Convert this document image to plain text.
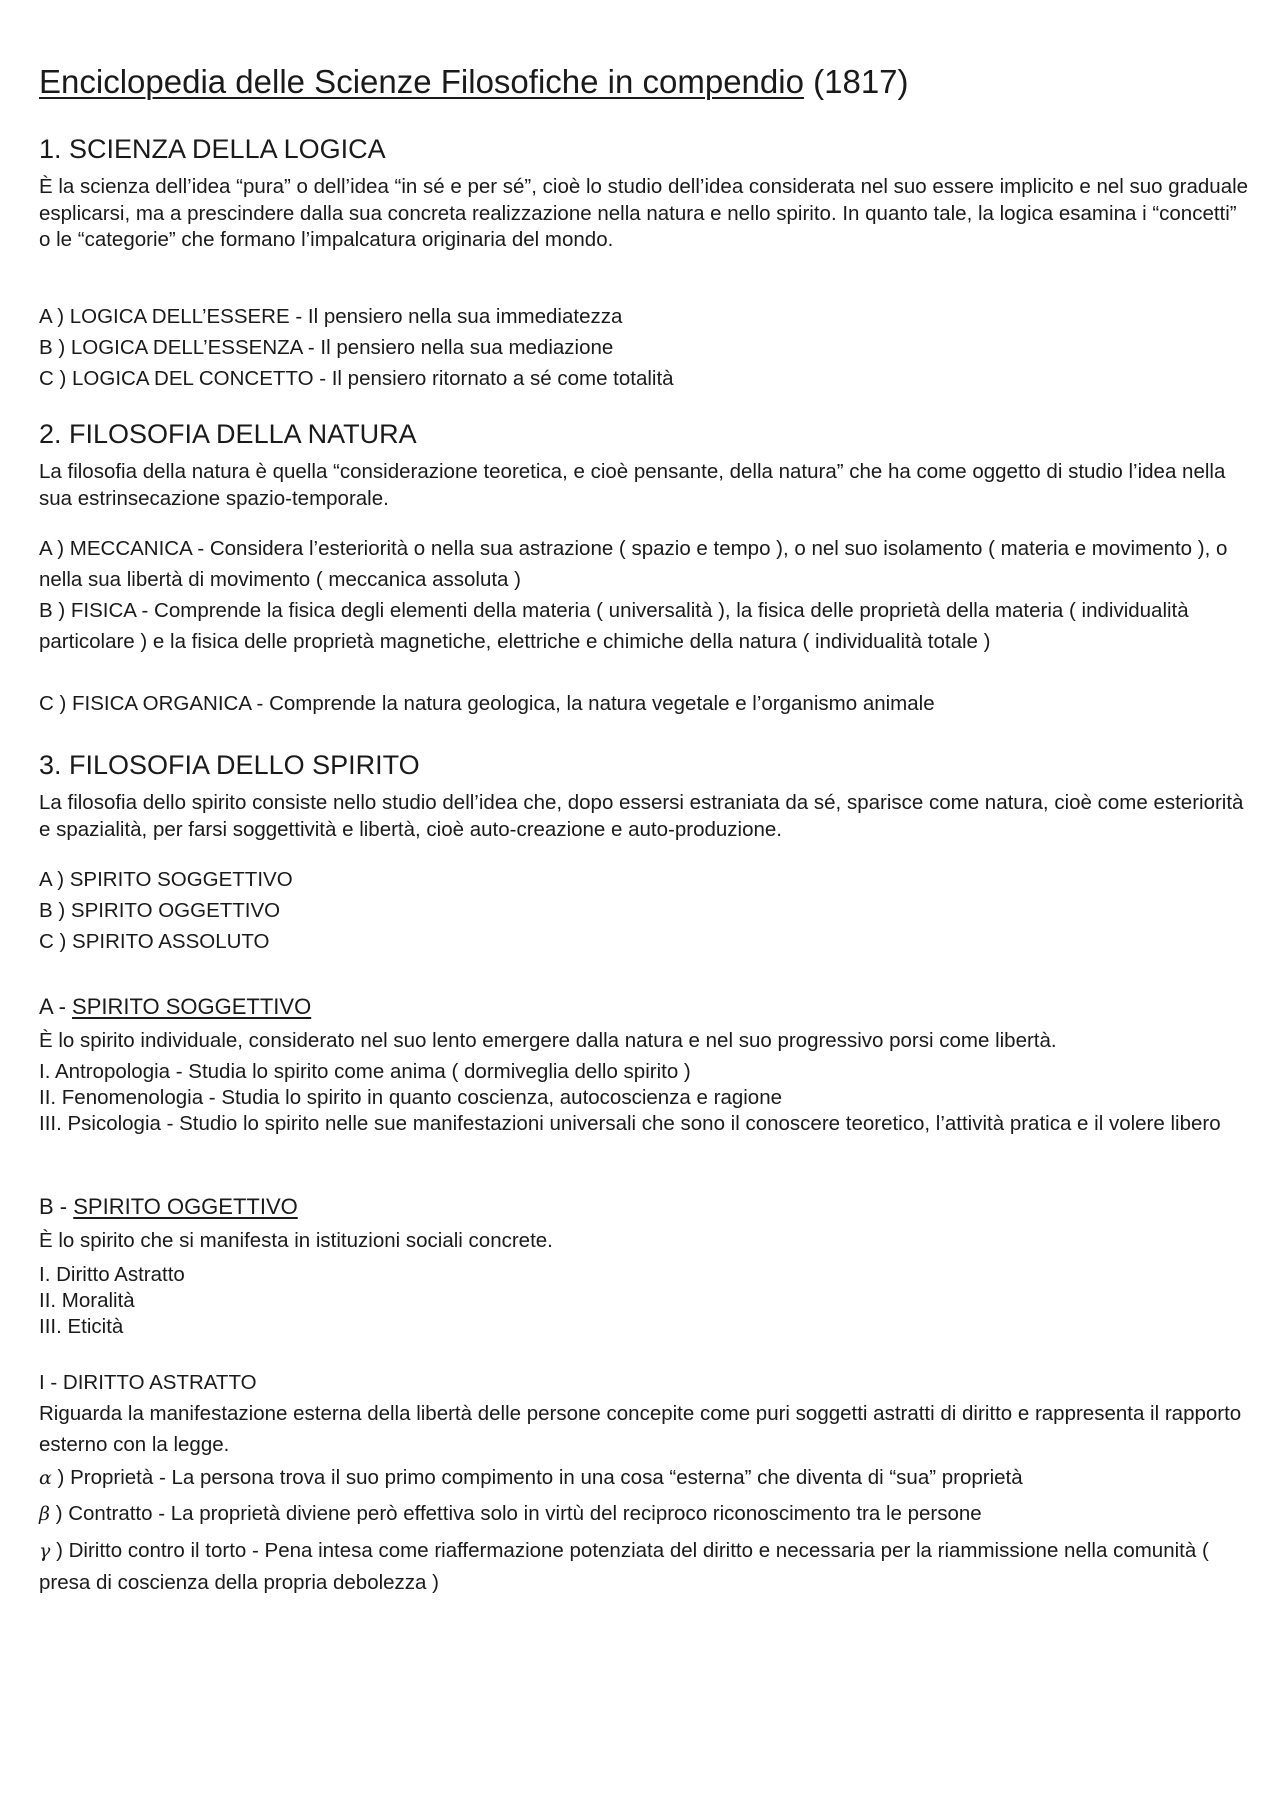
Enciclopedia delle Scienze Filosofiche in compendio (1817)
1. SCIENZA DELLA LOGICA
È la scienza dell’idea “pura” o dell’idea “in sé e per sé”, cioè lo studio dell’idea considerata nel suo essere implicito e nel suo graduale esplicarsi, ma a prescindere dalla sua concreta realizzazione nella natura e nello spirito. In quanto tale, la logica esamina i “concetti” o le “categorie” che formano l’impalcatura originaria del mondo.
A ) LOGICA DELL’ESSERE - Il pensiero nella sua immediatezza
B ) LOGICA DELL’ESSENZA - Il pensiero nella sua mediazione
C ) LOGICA DEL CONCETTO - Il pensiero ritornato a sé come totalità
2. FILOSOFIA DELLA NATURA
La filosofia della natura è quella “considerazione teoretica, e cioè pensante, della natura” che ha come oggetto di studio l’idea nella sua estrinsecazione spazio-temporale.
A ) MECCANICA - Considera l’esteriorità o nella sua astrazione ( spazio e tempo ), o nel suo isolamento ( materia e movimento ), o nella sua libertà di movimento ( meccanica assoluta )
B ) FISICA - Comprende la fisica degli elementi della materia ( universalità ), la fisica delle proprietà della materia ( individualità particolare ) e la fisica delle proprietà magnetiche, elettriche e chimiche della natura ( individualità totale )
C ) FISICA ORGANICA - Comprende la natura geologica, la natura vegetale e l’organismo animale
3. FILOSOFIA DELLO SPIRITO
La filosofia dello spirito consiste nello studio dell’idea che, dopo essersi estraniata da sé, sparisce come natura, cioè come esteriorità e spazialità, per farsi soggettività e libertà, cioè auto-creazione e auto-produzione.
A ) SPIRITO SOGGETTIVO
B ) SPIRITO OGGETTIVO
C ) SPIRITO ASSOLUTO
A - SPIRITO SOGGETTIVO
È lo spirito individuale, considerato nel suo lento emergere dalla natura e nel suo progressivo porsi come libertà.
I. Antropologia - Studia lo spirito come anima ( dormiveglia dello spirito )
II. Fenomenologia - Studia lo spirito in quanto coscienza, autocoscienza e ragione
III. Psicologia - Studio lo spirito nelle sue manifestazioni universali che sono il conoscere teoretico, l’attività pratica e il volere libero
B - SPIRITO OGGETTIVO
È lo spirito che si manifesta in istituzioni sociali concrete.
I. Diritto Astratto
II. Moralità
III. Eticità
I - DIRITTO ASTRATTO
Riguarda la manifestazione esterna della libertà delle persone concepite come puri soggetti astratti di diritto e rappresenta il rapporto esterno con la legge.
α ) Proprietà - La persona trova il suo primo compimento in una cosa “esterna” che diventa di “sua” proprietà
β ) Contratto - La proprietà diviene però effettiva solo in virtù del reciproco riconoscimento tra le persone
γ ) Diritto contro il torto - Pena intesa come riaffermazione potenziata del diritto e necessaria per la riammissione nella comunità ( presa di coscienza della propria debolezza )
